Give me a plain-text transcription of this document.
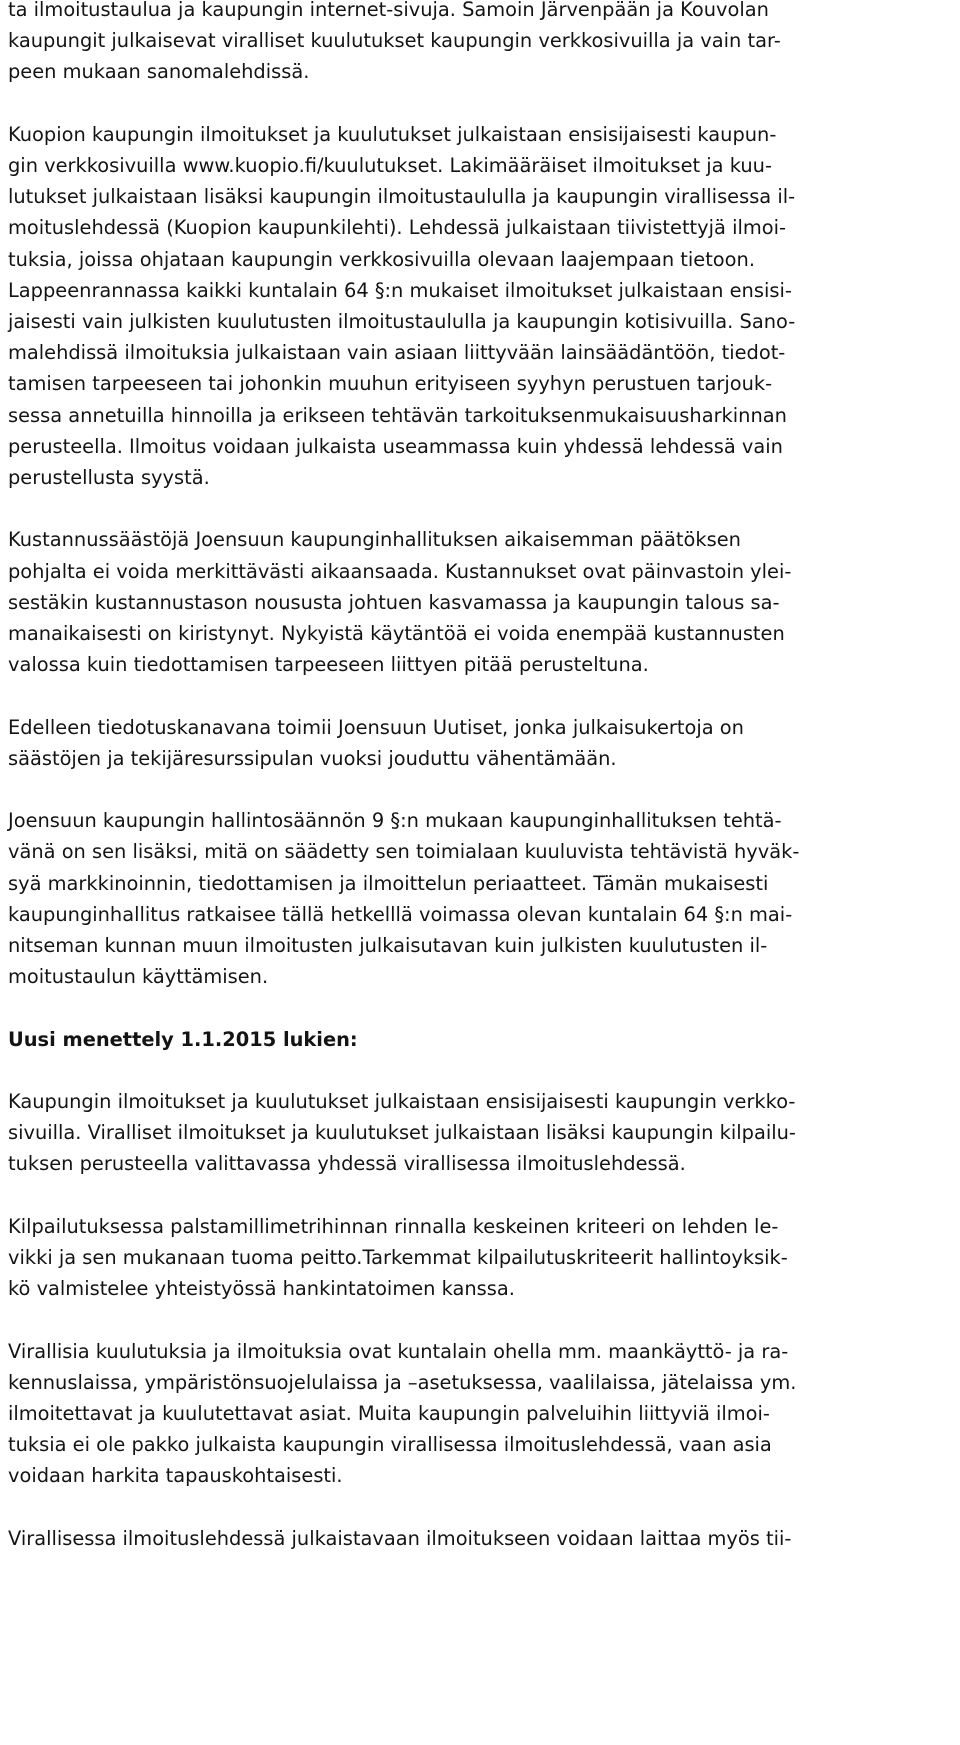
ta ilmoitustaulua ja kaupungin internet-sivuja. Samoin Järvenpään ja Kouvolan
kaupungit julkaisevat viralliset kuulutukset kaupungin verkkosivuilla ja vain tar-
peen mukaan sanomalehdissä.

Kuopion kaupungin ilmoitukset ja kuulutukset julkaistaan ensisijaisesti kaupun-
gin verkkosivuilla www.kuopio.fi/kuulutukset. Lakimääräiset ilmoitukset ja kuu-
lutukset julkaistaan lisäksi kaupungin ilmoitustaululla ja kaupungin virallisessa il-
moituslehdessä (Kuopion kaupunkilehti). Lehdessä julkaistaan tiivistettyjä ilmoi-
tuksia, joissa ohjataan kaupungin verkkosivuilla olevaan laajempaan tietoon.
Lappeenrannassa kaikki kuntalain 64 §:n mukaiset ilmoitukset julkaistaan ensisi-
jaisesti vain julkisten kuulutusten ilmoitustaululla ja kaupungin kotisivuilla. Sano-
malehdissä ilmoituksia julkaistaan vain asiaan liittyvään lainsäädäntöön, tiedot-
tamisen tarpeeseen tai johonkin muuhun erityiseen syyhyn perustuen tarjouk-
sessa annetuilla hinnoilla ja erikseen tehtävän tarkoituksenmukaisuusharkinnan
perusteella. Ilmoitus voidaan julkaista useammassa kuin yhdessä lehdessä vain
perustellusta syystä.

Kustannussäästöjä Joensuun kaupunginhallituksen aikaisemman päätöksen
pohjalta ei voida merkittävästi aikaansaada. Kustannukset ovat päinvastoin ylei-
sestäkin kustannustason noususta johtuen kasvamassa ja kaupungin talous sa-
manaikaisesti on kiristynyt. Nykyistä käytäntöä ei voida enempää kustannusten
valossa kuin tiedottamisen tarpeeseen liittyen pitää perusteltuna.

Edelleen tiedotuskanavana toimii Joensuun Uutiset, jonka julkaisukertoja on
säästöjen ja tekijäresurssipulan vuoksi jouduttu vähentämään.

Joensuun kaupungin hallintosäännön 9 §:n mukaan kaupunginhallituksen tehtä-
vänä on sen lisäksi, mitä on säädetty sen toimialaan kuuluvista tehtävistä hyväk-
syä markkinoinnin, tiedottamisen ja ilmoittelun periaatteet. Tämän mukaisesti
kaupunginhallitus ratkaisee tällä hetkelllä voimassa olevan kuntalain 64 §:n mai-
nitseman kunnan muun ilmoitusten julkaisutavan kuin julkisten kuulutusten il-
moitustaulun käyttämisen.

Uusi menettely 1.1.2015 lukien:

Kaupungin ilmoitukset ja kuulutukset julkaistaan ensisijaisesti kaupungin verkko-
sivuilla. Viralliset ilmoitukset ja kuulutukset julkaistaan lisäksi kaupungin kilpailu-
tuksen perusteella valittavassa yhdessä virallisessa ilmoituslehdessä.

Kilpailutuksessa palstamillimetrihinnan rinnalla keskeinen kriteeri on lehden le-
vikki ja sen mukanaan tuoma peitto.Tarkemmat kilpailutuskriteerit hallintoyksik-
kö valmistelee yhteistyössä hankintatoimen kanssa.

Virallisia kuulutuksia ja ilmoituksia ovat kuntalain ohella mm. maankäyttö- ja ra-
kennuslaissa, ympäristönsuojelulaissa ja –asetuksessa, vaalilaissa, jätelaissa ym.
ilmoitettavat ja kuulutettavat asiat. Muita kaupungin palveluihin liittyviä ilmoi-
tuksia ei ole pakko julkaista kaupungin virallisessa ilmoituslehdessä, vaan asia
voidaan harkita tapauskohtaisesti.

Virallisessa ilmoituslehdessä julkaistavaan ilmoitukseen voidaan laittaa myös tii-
